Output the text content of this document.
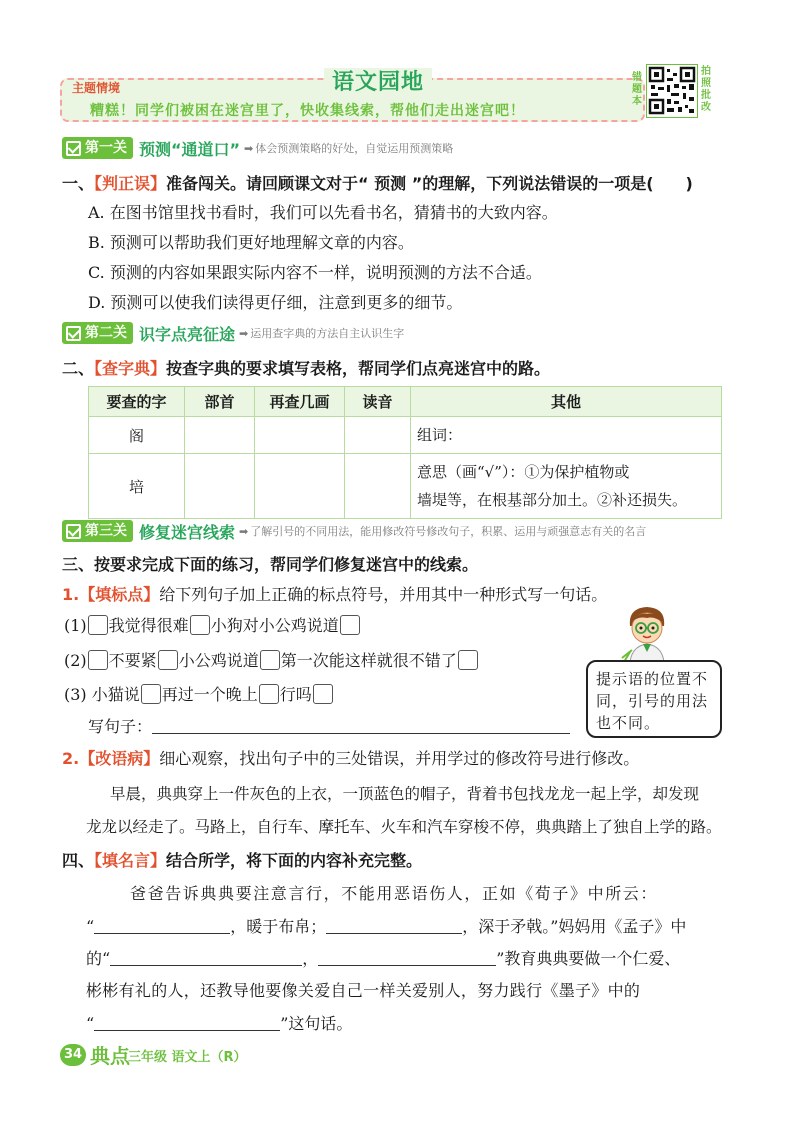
主题情境	语文园地
糟糕！同学们被困在迷宫里了，快收集线索，帮他们走出迷宫吧！
错题本
拍照批改
第一关 预测“通道口”	➡ 体会预测策略的好处，自觉运用预测策略
一、【判正误】准备闯关。请回顾课文对于“ 预测 ”的理解，下列说法错误的一项是(　　)
A. 在图书馆里找书看时，我们可以先看书名，猜猜书的大致内容。
B. 预测可以帮助我们更好地理解文章的内容。
C. 预测的内容如果跟实际内容不一样，说明预测的方法不合适。
D. 预测可以使我们读得更仔细，注意到更多的细节。
第二关 识字点亮征途	➡ 运用查字典的方法自主认识生字
二、【查字典】按查字典的要求填写表格，帮同学们点亮迷宫中的路。
要查的字	部首	再查几画	读音	其他
阁				组词：
培				意思（画“√”）：①为保护植物或
墙堤等，在根基部分加土。②补还损失。
第三关 修复迷宫线索	➡ 了解引号的不同用法，能用修改符号修改句子，积累、运用与顽强意志有关的名言
三、按要求完成下面的练习，帮同学们修复迷宫中的线索。
1.【填标点】给下列句子加上正确的标点符号，并用其中一种形式写一句话。
(1) 我觉得很难 小狗对小公鸡说道
(2) 不要紧 小公鸡说道 第一次能这样就很不错了
(3) 小猫说 再过一个晚上 行吗
写句子：
提示语的位置不同，引号的用法也不同。
2.【改语病】细心观察，找出句子中的三处错误，并用学过的修改符号进行修改。
早晨，典典穿上一件灰色的上衣，一顶蓝色的帽子，背着书包找龙龙一起上学，却发现
龙龙以经走了。马路上，自行车、摩托车、火车和汽车穿梭不停，典典踏上了独自上学的路。
四、【填名言】结合所学，将下面的内容补充完整。
爸爸告诉典典要注意言行，不能用恶语伤人，正如《荀子》中所云：
“	，暖于布帛；	，深于矛戟。”妈妈用《孟子》中
的“	，	”教育典典要做一个仁爱、
彬彬有礼的人，还教导他要像关爱自己一样关爱别人，努力践行《墨子》中的
“	”这句话。
34 典点
三年级 语文上（R）
